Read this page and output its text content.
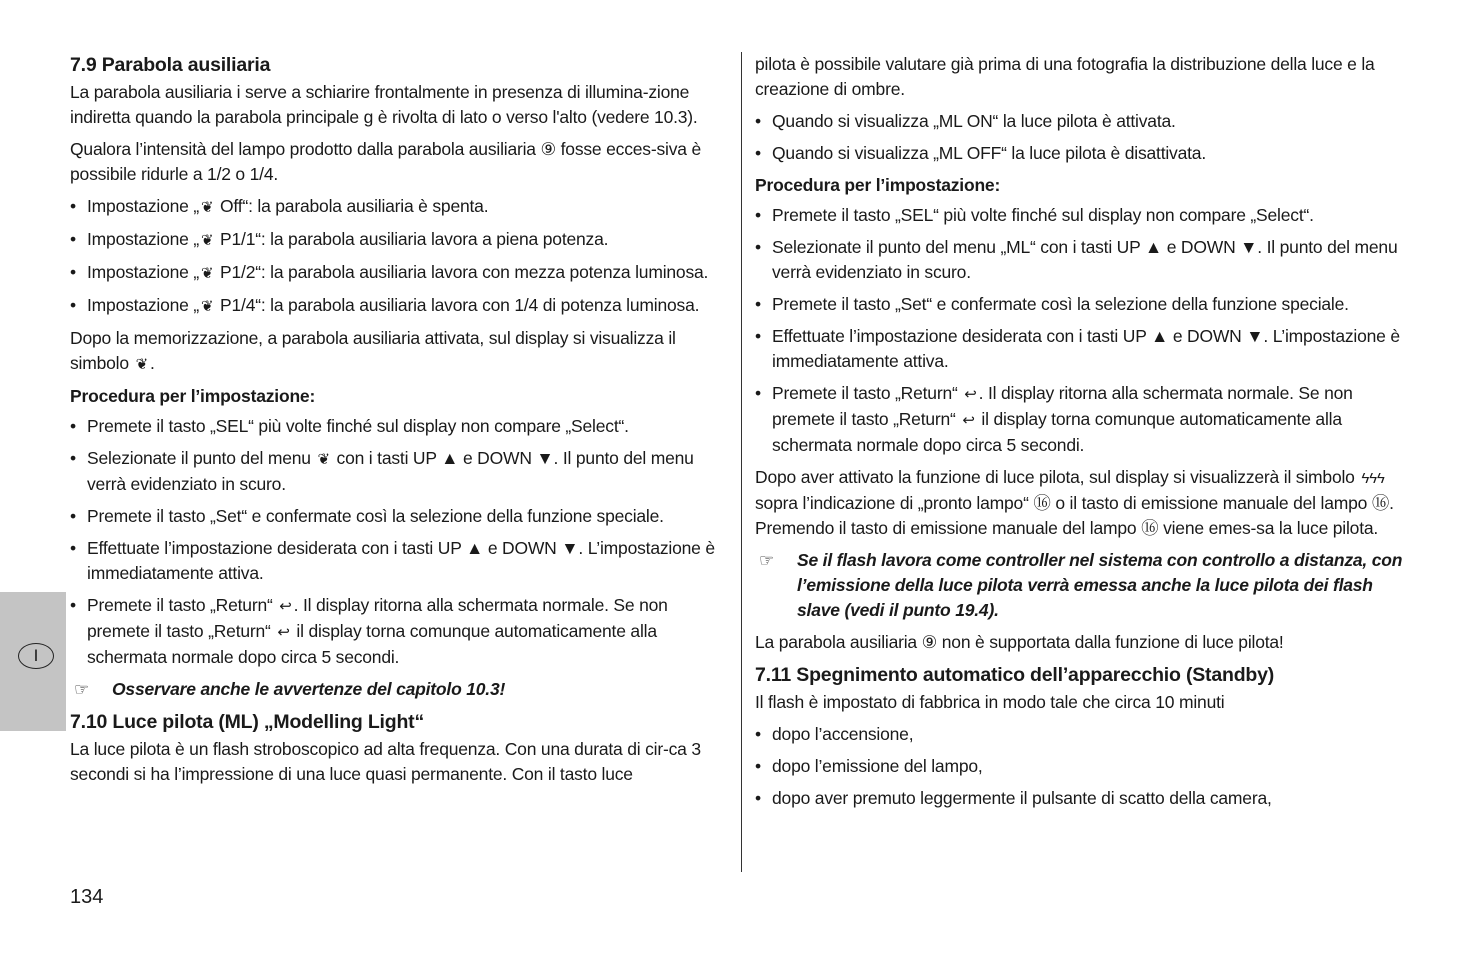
I
7.9 Parabola ausiliaria

La parabola ausiliaria i serve a schiarire frontalmente in presenza di illumina-zione indiretta quando la parabola principale g è rivolta di lato o verso l'alto (vedere 10.3).

Qualora l’intensità del lampo prodotto dalla parabola ausiliaria ⑨ fosse ecces-siva è possibile ridurle a 1/2 o 1/4.

• Impostazione „ ❦ Off“: la parabola ausiliaria è spenta.
• Impostazione „ ❦ P1/1“: la parabola ausiliaria lavora a piena potenza.
• Impostazione „ ❦ P1/2“: la parabola ausiliaria lavora con mezza potenza luminosa.
• Impostazione „ ❦ P1/4“: la parabola ausiliaria lavora con 1/4 di potenza luminosa.

Dopo la memorizzazione, a parabola ausiliaria attivata, sul display si visualizza il simbolo ❦ .

Procedura per l’impostazione:

• Premete il tasto „SEL“ più volte finché sul display non compare „Select“.
• Selezionate il punto del menu ❦ con i tasti UP ▲ e DOWN ▼. Il punto del menu verrà evidenziato in scuro.
• Premete il tasto „Set“ e confermate così la selezione della funzione speciale.
• Effettuate l’impostazione desiderata con i tasti UP ▲ e DOWN ▼. L’impostazione è immediatamente attiva.
• Premete il tasto „Return“ ↩ . Il display ritorna alla schermata normale. Se non premete il tasto „Return“ ↩ il display torna comunque automaticamente alla schermata normale dopo circa 5 secondi.

☞ Osservare anche le avvertenze del capitolo 10.3!

7.10 Luce pilota (ML) „Modelling Light“

La luce pilota è un flash stroboscopico ad alta frequenza. Con una durata di cir-ca 3 secondi si ha l’impressione di una luce quasi permanente. Con il tasto luce

pilota è possibile valutare già prima di una fotografia la distribuzione della luce e la creazione di ombre.

• Quando si visualizza „ML ON“ la luce pilota è attivata.
• Quando si visualizza „ML OFF“ la luce pilota è disattivata.

Procedura per l’impostazione:

• Premete il tasto „SEL“ più volte finché sul display non compare „Select“.
• Selezionate il punto del menu „ML“ con i tasti UP ▲ e DOWN ▼. Il punto del menu verrà evidenziato in scuro.
• Premete il tasto „Set“ e confermate così la selezione della funzione speciale.
• Effettuate l’impostazione desiderata con i tasti UP ▲ e DOWN ▼. L’impostazione è immediatamente attiva.
• Premete il tasto „Return“ ↩ . Il display ritorna alla schermata normale. Se non premete il tasto „Return“ ↩ il display torna comunque automaticamente alla schermata normale dopo circa 5 secondi.

Dopo aver attivato la funzione di luce pilota, sul display si visualizzerà il simbolo ϟϟϟ sopra l’indicazione di „pronto lampo“ ⑯ o il tasto di emissione manuale del lampo ⑯. Premendo il tasto di emissione manuale del lampo ⑯ viene emes-sa la luce pilota.

☞ Se il flash lavora come controller nel sistema con controllo a distanza, con l’emissione della luce pilota verrà emessa anche la luce pilota dei flash slave (vedi il punto 19.4).

La parabola ausiliaria ⑨ non è supportata dalla funzione di luce pilota!

7.11 Spegnimento automatico dell’apparecchio (Standby)

Il flash è impostato di fabbrica in modo tale che circa 10 minuti

• dopo l’accensione,
• dopo l’emissione del lampo,
• dopo aver premuto leggermente il pulsante di scatto della camera,
134
